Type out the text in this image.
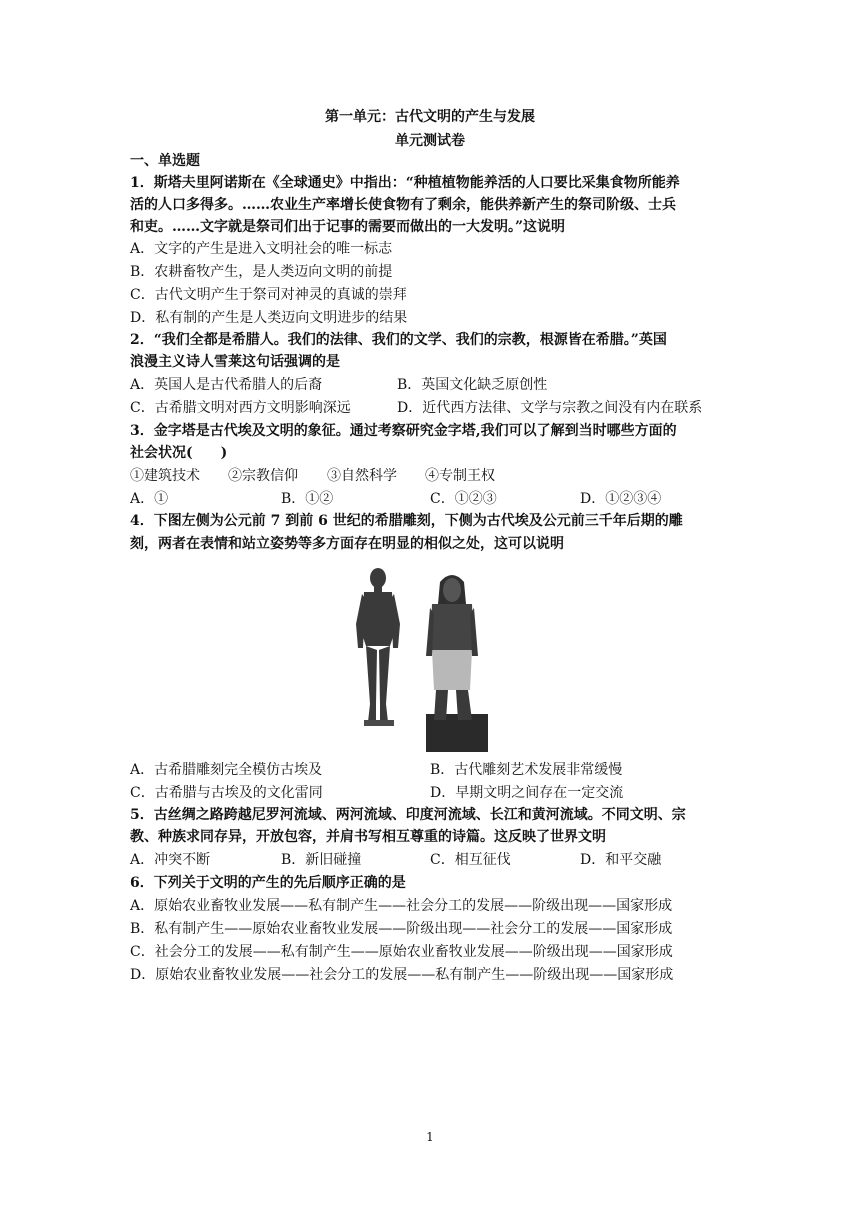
第一单元：古代文明的产生与发展
单元测试卷
一、单选题
1．斯塔夫里阿诺斯在《全球通史》中指出：“种植植物能养活的人口要比采集食物所能养
活的人口多得多。……农业生产率增长使食物有了剩余，能供养新产生的祭司阶级、士兵
和吏。……文字就是祭司们出于记事的需要而做出的一大发明。”这说明
A．文字的产生是进入文明社会的唯一标志
B．农耕畜牧产生，是人类迈向文明的前提
C．古代文明产生于祭司对神灵的真诚的崇拜
D．私有制的产生是人类迈向文明进步的结果
2．“我们全都是希腊人。我们的法律、我们的文学、我们的宗教，根源皆在希腊。”英国
浪漫主义诗人雪莱这句话强调的是
A．英国人是古代希腊人的后裔	B．英国文化缺乏原创性
C．古希腊文明对西方文明影响深远	D．近代西方法律、文学与宗教之间没有内在联系
3．金字塔是古代埃及文明的象征。通过考察研究金字塔,我们可以了解到当时哪些方面的
社会状况(　　)
①建筑技术 ②宗教信仰 ③自然科学 ④专制王权
A．①	B．①②	C．①②③	D．①②③④
4．下图左侧为公元前 7 到前 6 世纪的希腊雕刻，下侧为古代埃及公元前三千年后期的雕
刻，两者在表情和站立姿势等多方面存在明显的相似之处，这可以说明
A．古希腊雕刻完全模仿古埃及	B．古代雕刻艺术发展非常缓慢
C．古希腊与古埃及的文化雷同	D．早期文明之间存在一定交流
5．古丝绸之路跨越尼罗河流域、两河流域、印度河流域、长江和黄河流域。不同文明、宗
教、种族求同存异，开放包容，并肩书写相互尊重的诗篇。这反映了世界文明
A．冲突不断	B．新旧碰撞	C．相互征伐	D．和平交融
6．下列关于文明的产生的先后顺序正确的是
A．原始农业畜牧业发展——私有制产生——社会分工的发展——阶级出现——国家形成
B．私有制产生——原始农业畜牧业发展——阶级出现——社会分工的发展——国家形成
C．社会分工的发展——私有制产生——原始农业畜牧业发展——阶级出现——国家形成
D．原始农业畜牧业发展——社会分工的发展——私有制产生——阶级出现——国家形成
1
